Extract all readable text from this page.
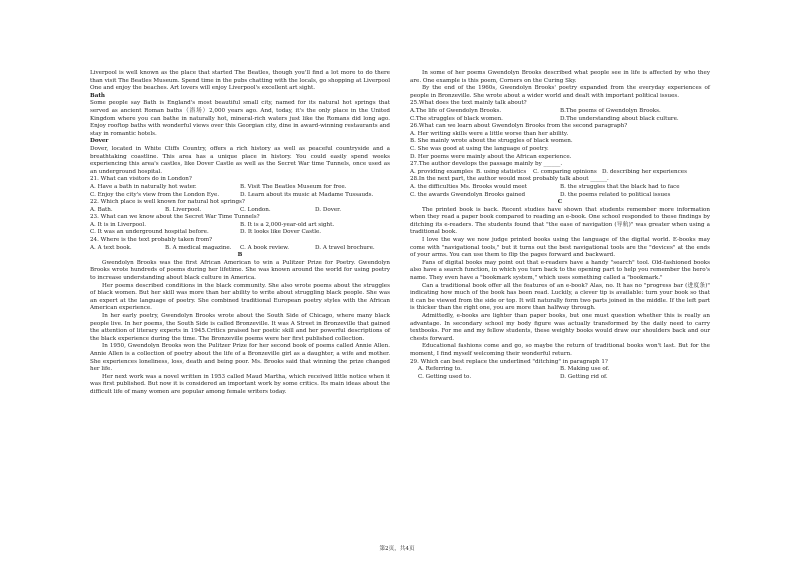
Liverpool is well known as the place that started The Beatles, though you'll find a lot more to do there than visit The Beatles Museum. Spend time in the pubs chatting with the locals, go shopping at Liverpool One and enjoy the beaches. Art lovers will enjoy Liverpool's excellent art sight.

Bath

Some people say Bath is England's most beautiful small city, named for its natural hot springs that served as ancient Roman baths（浴场）2,000 years ago. And, today, it's the only place in the United Kingdom where you can bathe in naturally hot, mineral-rich waters just like the Romans did long ago. Enjoy rooftop baths with wonderful views over this Georgian city, dine in award-winning restaurants and stay in romantic hotels.

Dover

Dover, located in White Cliffs Country, offers a rich history as well as peaceful countryside and a breathtaking coastline. This area has a unique place in history. You could easily spend weeks experiencing this area's castles, like Dover Castle as well as the Secret War time Tunnels, once used as an underground hospital.

21. What can visitors do in London?

A. Have a bath in naturally hot water.	B. Visit The Beatles Museum for free.
C. Enjoy the city's view from the London Eye.	D. Learn about its music at Madame Tussauds.

22. Which place is well known for natural hot springs?

A. Bath.	B. Liverpool.	C. London.	D. Dover.

23. What can we know about the Secret War Time Tunnels?

A. It is in Liverpool.	B. It is a 2,000-year-old art sight.
C. It was an underground hospital before.	D. It looks like Dover Castle.

24. Where is the text probably taken from?

A. A text book.	B. A medical magazine.	C. A book review.	D. A travel brochure.

B

Gwendolyn Brooks was the first African American to win a Pulitzer Prize for Poetry. Gwendolyn Brooks wrote hundreds of poems during her lifetime. She was known around the world for using poetry to increase understanding about black culture in America.

Her poems described conditions in the black community. She also wrote poems about the struggles of black women. But her skill was more than her ability to write about struggling black people. She was an expert at the language of poetry. She combined traditional European poetry styles with the African American experience.

In her early poetry, Gwendolyn Brooks wrote about the South Side of Chicago, where many black people live. In her poems, the South Side is called Bronzeville. It was A Street in Bronzeville that gained the attention of literary experts in 1945.Critics praised her poetic skill and her powerful descriptions of the black experience during the time. The Bronzeville poems were her first published collection.

In 1950, Gwendolyn Brooks won the Pulitzer Prize for her second book of poems called Annie Allen. Annie Allen is a collection of poetry about the life of a Bronzeville girl as a daughter, a wife and mother. She experiences loneliness, loss, death and being poor. Ms. Brooks said that winning the prize changed her life.

Her next work was a novel written in 1953 called Maud Martha, which received little notice when it was first published. But now it is considered an important work by some critics. Its main ideas about the difficult life of many women are popular among female writers today.

In some of her poems Gwendolyn Brooks described what people see in life is affected by who they are. One example is this poem, Corners on the Curing Sky.

By the end of the 1960s, Gwendolyn Brooks' poetry expanded from the everyday experiences of people in Bronzeville. She wrote about a wider world and dealt with important political issues.

25.What does the text mainly talk about?

A.The life of Gwendolyn Brooks.	B.The poems of Gwendolyn Brooks.
C.The struggles of black women.	D.The understanding about black culture.

26.What can we learn about Gwendolyn Brooks from the second paragraph?

A. Her writing skills were a little worse than her ability.
B. She mainly wrote about the struggles of black women.
C. She was good at using the language of poetry.
D. Her poems were mainly about the African experience.

27.The author develops the passage mainly by ______.

A. providing examples B. using statistics	C. comparing opinions D. describing her experiences

28.In the next part, the author would most probably talk about ______.

A. the difficulties Ms. Brooks would meet	B. the struggles that the black had to face
C. the awards Gwendolyn Brooks gained	D. the poems related to political issues

C

The printed book is back. Recent studies have shown that students remember more information when they read a paper book compared to reading an e-book. One school responded to these findings by ditching its e-readers. The students found that "the ease of navigation (导航)" was greater when using a traditional book.

I love the way we now judge printed books using the language of the digital world. E-books may come with "navigational tools," but it turns out the best navigational tools are the "devices" at the ends of your arms. You can use them to flip the pages forward and backward.

Fans of digital books may point out that e-readers have a handy "search" tool. Old-fashioned books also have a search function, in which you turn back to the opening part to help you remember the hero's name. They even have a "bookmark system," which uses something called a "bookmark."

Can a traditional book offer all the features of an e-book? Alas, no. It has no "progress bar (进度条)" indicating how much of the book has been read. Luckily, a clever tip is available: turn your book so that it can be viewed from the side or top. It will naturally form two parts joined in the middle. If the left part is thicker than the right one, you are more than halfway through.

Admittedly, e-books are lighter than paper books, but one must question whether this is really an advantage. In secondary school my body figure was actually transformed by the daily need to carry textbooks. For me and my fellow students, these weighty books would draw our shoulders back and our chests forward.

Educational fashions come and go, so maybe the return of traditional books won't last. But for the moment, I find myself welcoming their wonderful return.

29. Which can best replace the underlined "ditching" in paragraph 1?

A. Referring to.	B. Making use of.
C. Getting used to.	D. Getting rid of.
第2页，共4页
